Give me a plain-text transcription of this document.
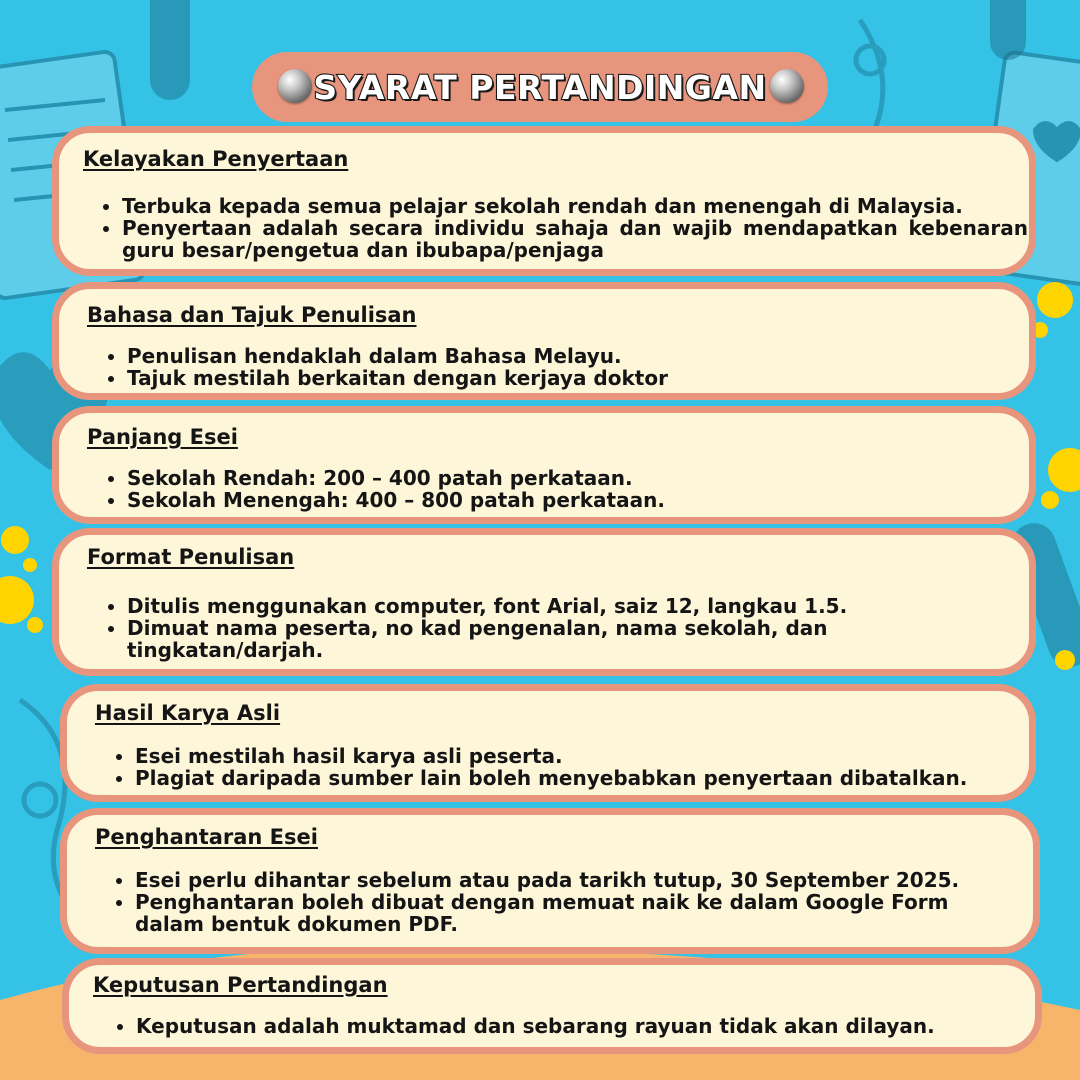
SYARAT PERTANDINGAN
Kelayakan Penyertaan
• Terbuka kepada semua pelajar sekolah rendah dan menengah di Malaysia.
• Penyertaan adalah secara individu sahaja dan wajib mendapatkan kebenaran guru besar/pengetua dan ibubapa/penjaga
Bahasa dan Tajuk Penulisan
• Penulisan hendaklah dalam Bahasa Melayu.
• Tajuk mestilah berkaitan dengan kerjaya doktor
Panjang Esei
• Sekolah Rendah: 200 – 400 patah perkataan.
• Sekolah Menengah: 400 – 800 patah perkataan.
Format Penulisan
• Ditulis menggunakan computer, font Arial, saiz 12, langkau 1.5.
• Dimuat nama peserta, no kad pengenalan, nama sekolah, dan tingkatan/darjah.
Hasil Karya Asli
• Esei mestilah hasil karya asli peserta.
• Plagiat daripada sumber lain boleh menyebabkan penyertaan dibatalkan.
Penghantaran Esei
• Esei perlu dihantar sebelum atau pada tarikh tutup, 30 September 2025.
• Penghantaran boleh dibuat dengan memuat naik ke dalam Google Form dalam bentuk dokumen PDF.
Keputusan Pertandingan
• Keputusan adalah muktamad dan sebarang rayuan tidak akan dilayan.
